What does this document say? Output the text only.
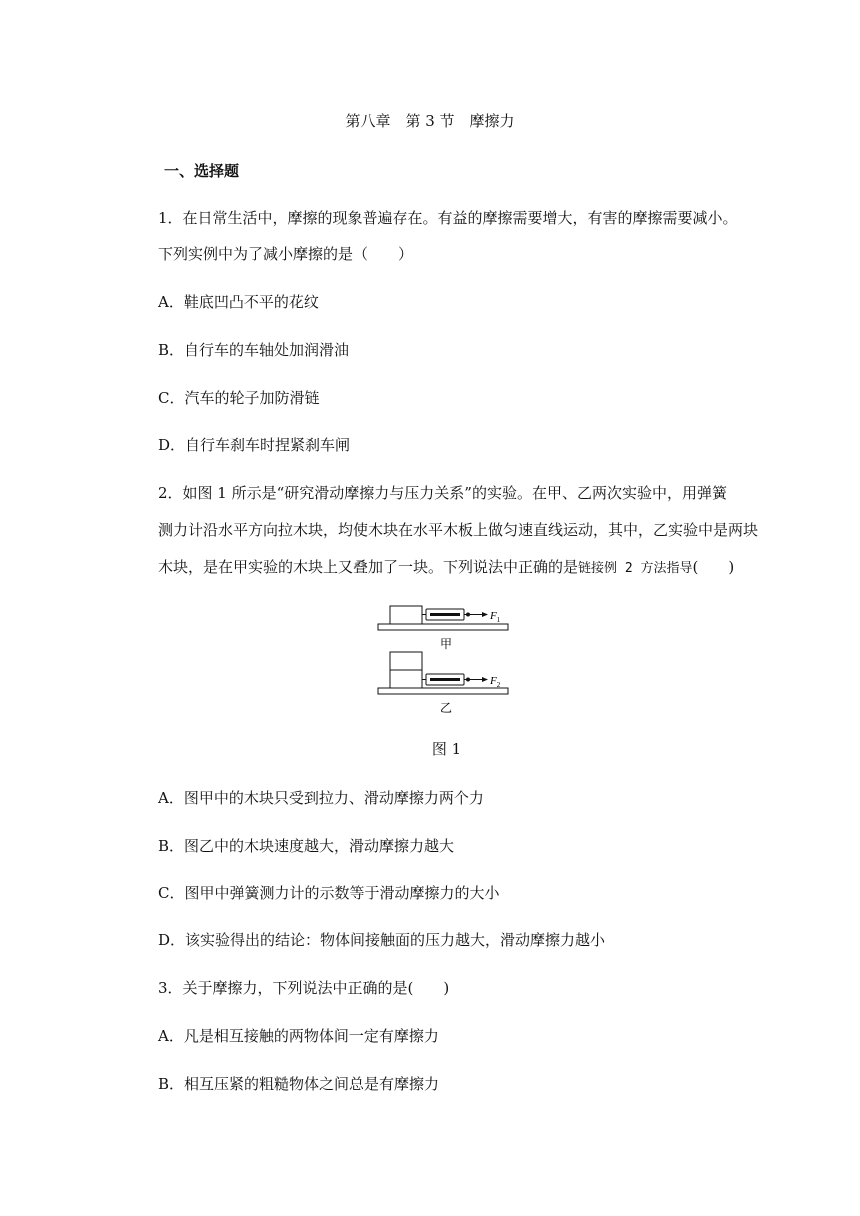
第八章　第 3 节　摩擦力
一、选择题
1．在日常生活中，摩擦的现象普遍存在。有益的摩擦需要增大，有害的摩擦需要减小。
下列实例中为了减小摩擦的是（　　）
A．鞋底凹凸不平的花纹
B．自行车的车轴处加润滑油
C．汽车的轮子加防滑链
D．自行车刹车时捏紧刹车闸
2．如图 1 所示是“研究滑动摩擦力与压力关系”的实验。在甲、乙两次实验中，用弹簧
测力计沿水平方向拉木块，均使木块在水平木板上做匀速直线运动，其中，乙实验中是两块
木块，是在甲实验的木块上又叠加了一块。下列说法中正确的是链接例 2 方法指导(　　)
$F_1$
甲
$F_2$
乙
图 1
A．图甲中的木块只受到拉力、滑动摩擦力两个力
B．图乙中的木块速度越大，滑动摩擦力越大
C．图甲中弹簧测力计的示数等于滑动摩擦力的大小
D．该实验得出的结论：物体间接触面的压力越大，滑动摩擦力越小
3．关于摩擦力，下列说法中正确的是(　　)
A．凡是相互接触的两物体间一定有摩擦力
B．相互压紧的粗糙物体之间总是有摩擦力
